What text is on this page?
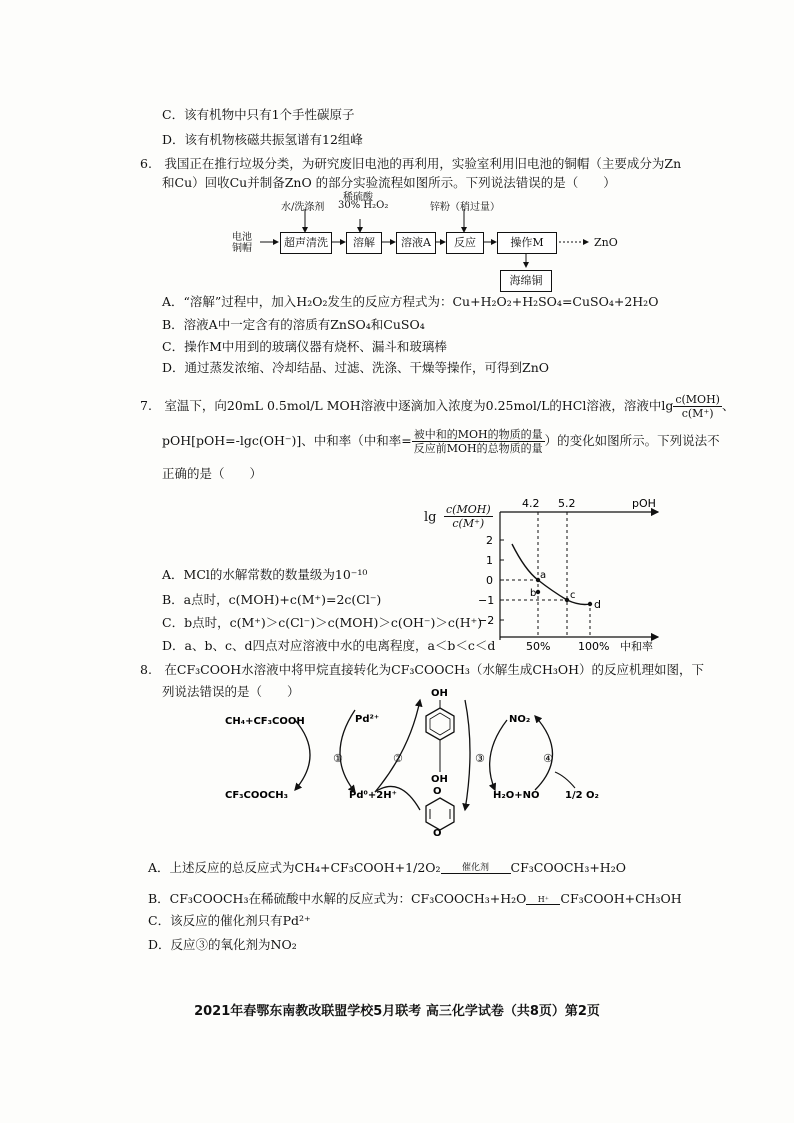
C．该有机物中只有1个手性碳原子
D．该有机物核磁共振氢谱有12组峰
6.　我国正在推行垃圾分类，为研究废旧电池的再利用，实验室利用旧电池的铜帽（主要成分为Zn
和Cu）回收Cu并制备ZnO 的部分实验流程如图所示。下列说法错误的是（　　）
电池
铜帽
水/洗涤剂
稀硫酸
30% H₂O₂	锌粉（稍过量）
超声清洗	溶解	溶液A	反应	操作M
海绵铜
ZnO
A．“溶解”过程中，加入H₂O₂发生的反应方程式为：Cu+H₂O₂+H₂SO₄=CuSO₄+2H₂O
B．溶液A中一定含有的溶质有ZnSO₄和CuSO₄
C．操作M中用到的玻璃仪器有烧杯、漏斗和玻璃棒
D．通过蒸发浓缩、冷却结晶、过滤、洗涤、干燥等操作，可得到ZnO
7.　室温下，向20mL 0.5mol/L MOH溶液中逐滴加入浓度为0.25mol/L的HCl溶液，溶液中$\lg \frac{\text{c(MOH)}}{c(M^+)}$ 、
pOH[pOH=-lgc(OH⁻)]、中和率（中和率= $\frac{\text{被中和的MOH的物质的量}}{\text{反应前MOH的总物质的量}}$ ）的变化如图所示。下列说法不
正确的是（　　）
lg
c(MOH)
c(M⁺)
4.2 5.2	pOH
2
1
0
−1
−2
a
b	c
d
50%	100% 中和率
A．MCl的水解常数的数量级为10⁻¹⁰
B．a点时，c(MOH)+c(M⁺)=2c(Cl⁻)
C．b点时，c(M⁺)＞c(Cl⁻)＞c(MOH)＞c(OH⁻)＞c(H⁺)
D．a、b、c、d四点对应溶液中水的电离程度，a＜b＜c＜d
8.　在CF₃COOH水溶液中将甲烷直接转化为CF₃COOCH₃（水解生成CH₃OH）的反应机理如图，下
列说法错误的是（　　）
CH₄+CF₃COOH
CF₃COOCH₃
Pd²⁺
Pd⁰+2H⁺
OH
OH
O
O
NO₂
H₂O+NO	1/2 O₂
①	②	③	④
A．上述反应的总反应式为CH₄+CF₃COOH+1/2O₂	催化剂	CF₃COOCH₃+H₂O
B．CF₃COOCH₃在稀硫酸中水解的反应式为：CF₃COOCH₃+H₂O	H⁺ CF₃COOH+CH₃OH
C．该反应的催化剂只有Pd²⁺
D．反应③的氧化剂为NO₂
2021年春鄂东南教改联盟学校5月联考 高三化学试卷（共8页）第2页
